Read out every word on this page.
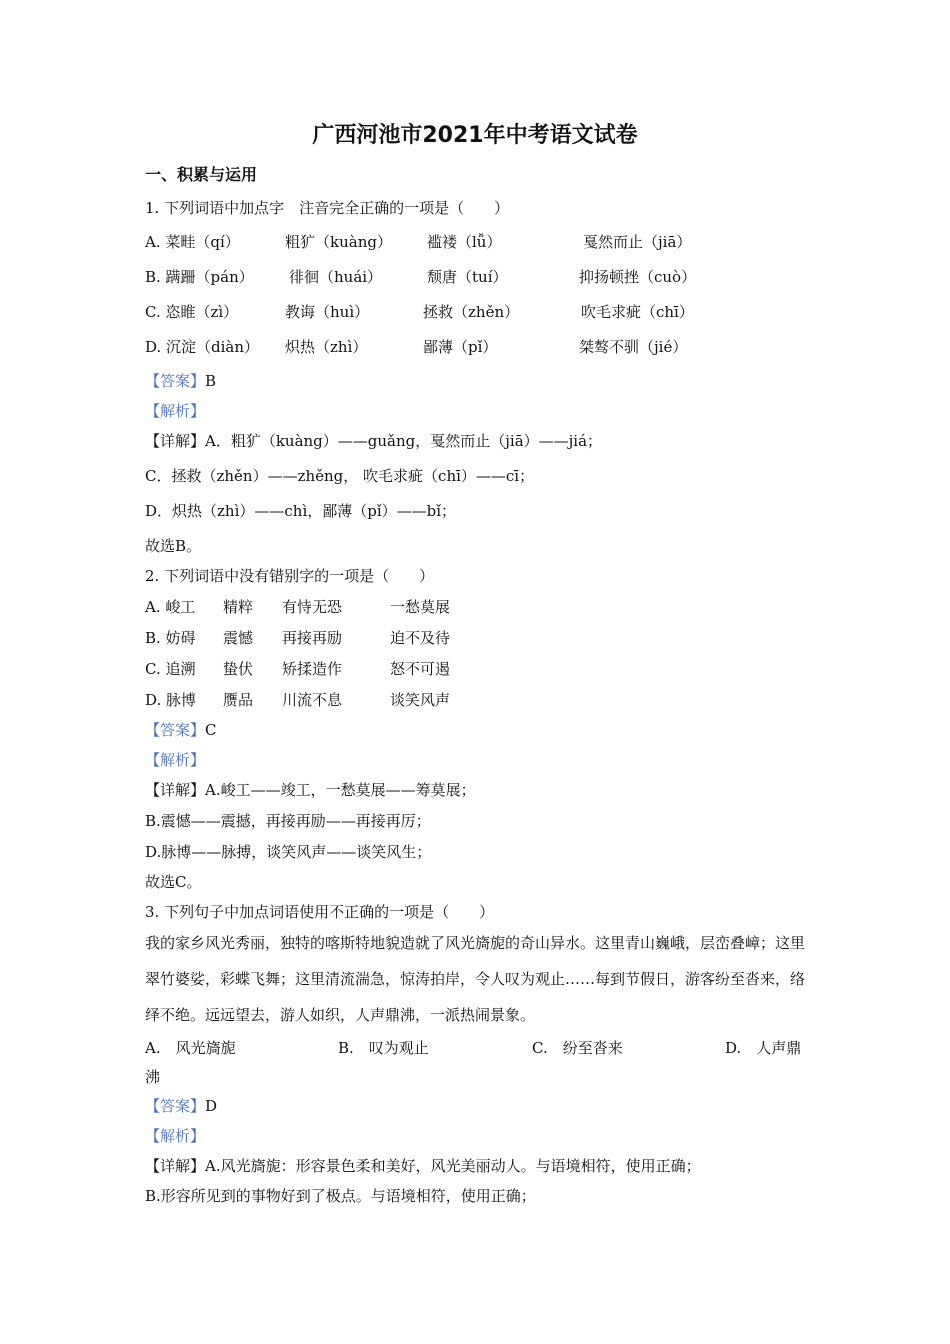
广西河池市2021年中考语文试卷
一、积累与运用
1. 下列词语中加点字　注音完全正确的一项是（　　）
A. 菜畦（qí）	粗犷（kuàng） 褴褛（lǚ）	戛然而止（jiā）
B. 蹒跚（pán） 徘徊（huái）	颓唐（tuí）	抑扬顿挫（cuò）
C. 恣睢（zì）	教诲（huì）	拯救（zhěn）	吹毛求疵（chī）
D. 沉淀（diàn） 炽热（zhì）	鄙薄（pǐ）	桀骜不驯（jié）
【答案】B
【解析】
【详解】A．粗犷（kuàng）——guǎng，戛然而止（jiā）——jiá；
C．拯救（zhěn）——zhěng， 吹毛求疵（chī）——cī；
D．炽热（zhì）——chì，鄙薄（pǐ）——bǐ；
故选B。
2. 下列词语中没有错别字的一项是（　　）
A. 峻工 精粹 有恃无恐	一愁莫展
B. 妨碍 震憾 再接再励	迫不及待
C. 追溯 蛰伏 矫揉造作	怒不可遏
D. 脉博 赝品 川流不息	谈笑风声
【答案】C
【解析】
【详解】A.峻工——竣工，一愁莫展——筹莫展；
B.震憾——震撼，再接再励——再接再厉；
D.脉博——脉搏，谈笑风声——谈笑风生；
故选C。
3. 下列句子中加点词语使用不正确的一项是（　　）
我的家乡风光秀丽，独特的喀斯特地貌造就了风光旖旎的奇山异水。这里青山巍峨，层峦叠嶂；这里翠竹婆娑，彩蝶飞舞；这里清流湍急，惊涛拍岸，令人叹为观止……每到节假日，游客纷至沓来，络绎不绝。远远望去，游人如织，人声鼎沸，一派热闹景象。
A.　风光旖旎	B.　叹为观止	C.　纷至沓来	D.　人声鼎
沸
【答案】D
【解析】
【详解】A.风光旖旎：形容景色柔和美好，风光美丽动人。与语境相符，使用正确；
B.形容所见到的事物好到了极点。与语境相符，使用正确；
